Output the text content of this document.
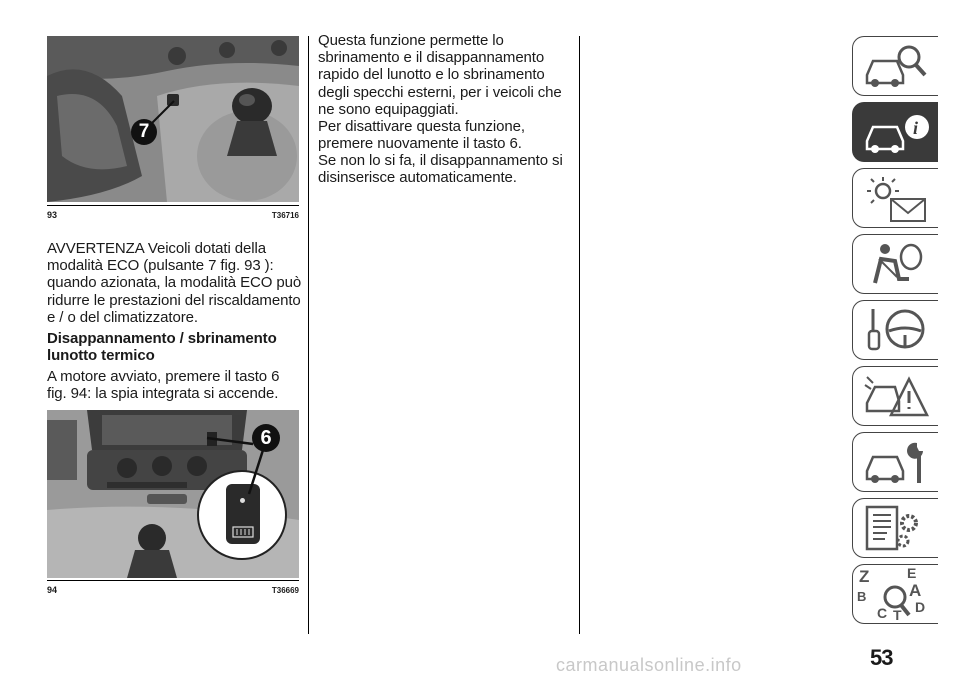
7
93	T36716
AVVERTENZA Veicoli dotati della
modalità ECO (pulsante 7 fig. 93 ):
quando azionata, la modalità ECO può
ridurre le prestazioni del riscaldamento
e / o del climatizzatore.
Disappannamento / sbrinamento
lunotto termico
A motore avviato, premere il tasto 6
fig. 94: la spia integrata si accende.
6
94	T36669
Questa funzione permette lo
sbrinamento e il disappannamento
rapido del lunotto e lo sbrinamento
degli specchi esterni, per i veicoli che
ne sono equipaggiati.
Per disattivare questa funzione,
premere nuovamente il tasto 6.
Se non lo si fa, il disappannamento si
disinserisce automaticamente.
i
Z	E
A
B
C D
T
53
carmanualsonline.info
